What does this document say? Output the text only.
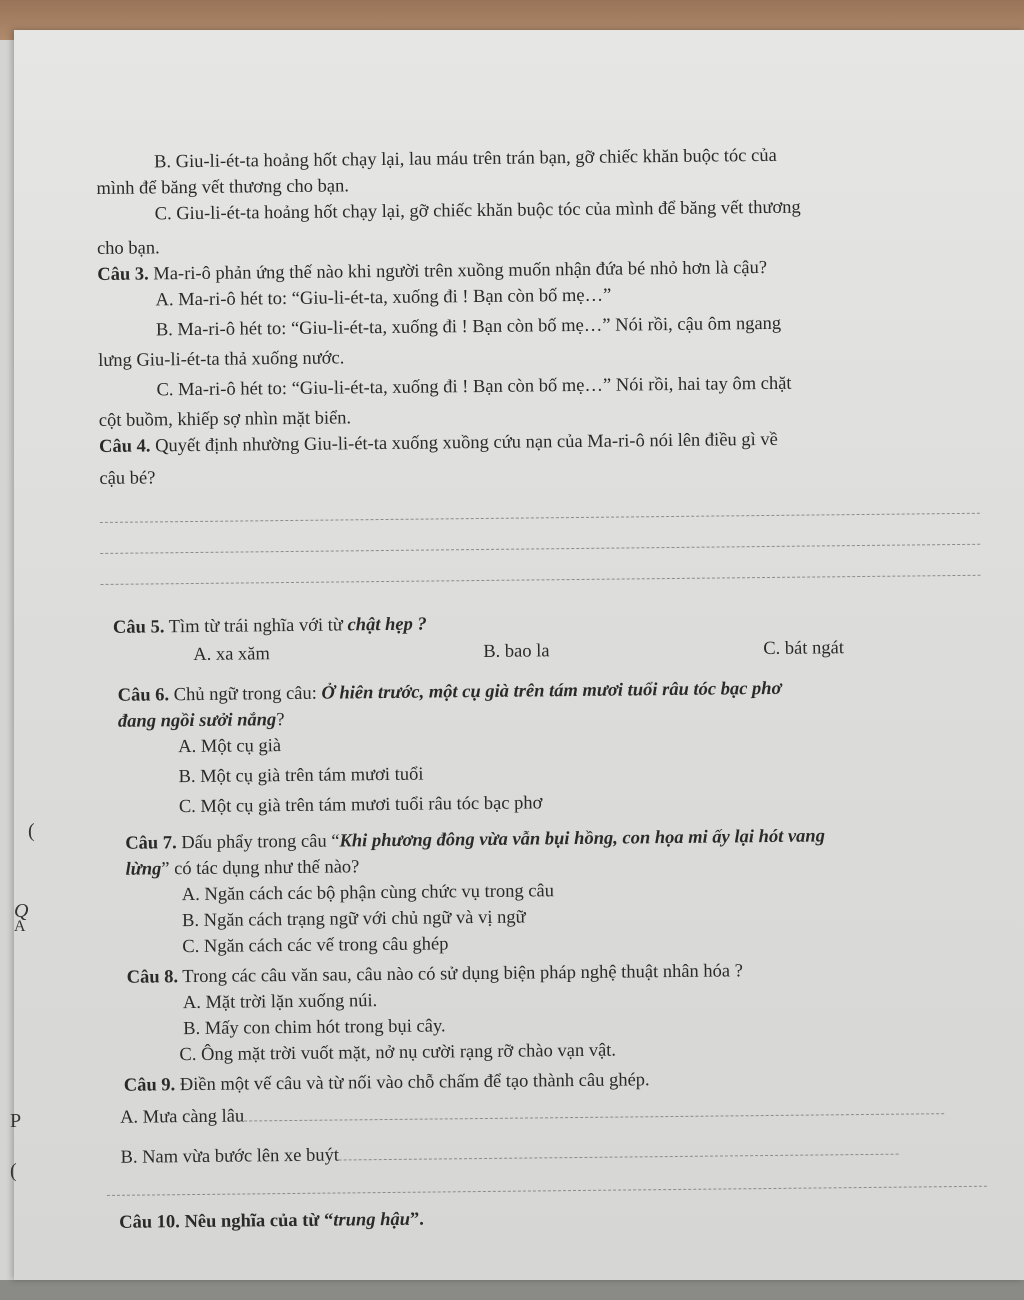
(
Q
A
P
(

B. Giu-li-ét-ta hoảng hốt chạy lại, lau máu trên trán bạn, gỡ chiếc khăn buộc tóc của

mình để băng vết thương cho bạn.

C. Giu-li-ét-ta hoảng hốt chạy lại, gỡ chiếc khăn buộc tóc của mình để băng vết thương

cho bạn.

Câu 3. Ma-ri-ô phản ứng thế nào khi người trên xuồng muốn nhận đứa bé nhỏ hơn là cậu?

A. Ma-ri-ô hét to: “Giu-li-ét-ta, xuống đi ! Bạn còn bố mẹ…”

B. Ma-ri-ô hét to: “Giu-li-ét-ta, xuống đi ! Bạn còn bố mẹ…” Nói rồi, cậu ôm ngang

lưng Giu-li-ét-ta thả xuống nước.

C. Ma-ri-ô hét to: “Giu-li-ét-ta, xuống đi ! Bạn còn bố mẹ…” Nói rồi, hai tay ôm chặt

cột buồm, khiếp sợ nhìn mặt biển.

Câu 4. Quyết định nhường Giu-li-ét-ta xuống xuồng cứu nạn của Ma-ri-ô nói lên điều gì về

cậu bé?

Câu 5. Tìm từ trái nghĩa với từ chật hẹp ?

A. xa xăm	B. bao la	C. bát ngát

Câu 6. Chủ ngữ trong câu: Ở hiên trước, một cụ già trên tám mươi tuổi râu tóc bạc phơ

đang ngồi sưởi nắng?

A. Một cụ già

B. Một cụ già trên tám mươi tuổi

C. Một cụ già trên tám mươi tuổi râu tóc bạc phơ

Câu 7. Dấu phẩy trong câu “Khi phương đông vừa vẫn bụi hồng, con họa mi ấy lại hót vang

lừng” có tác dụng như thế nào?

A. Ngăn cách các bộ phận cùng chức vụ trong câu

B. Ngăn cách trạng ngữ với chủ ngữ và vị ngữ

C. Ngăn cách các vế trong câu ghép

Câu 8. Trong các câu văn sau, câu nào có sử dụng biện pháp nghệ thuật nhân hóa ?

A. Mặt trời lặn xuống núi.

B. Mấy con chim hót trong bụi cây.

C. Ông mặt trời vuốt mặt, nở nụ cười rạng rỡ chào vạn vật.

Câu 9. Điền một vế câu và từ nối vào chỗ chấm để tạo thành câu ghép.

A. Mưa càng lâu

B. Nam vừa bước lên xe buýt

Câu 10. Nêu nghĩa của từ “trung hậu”.
